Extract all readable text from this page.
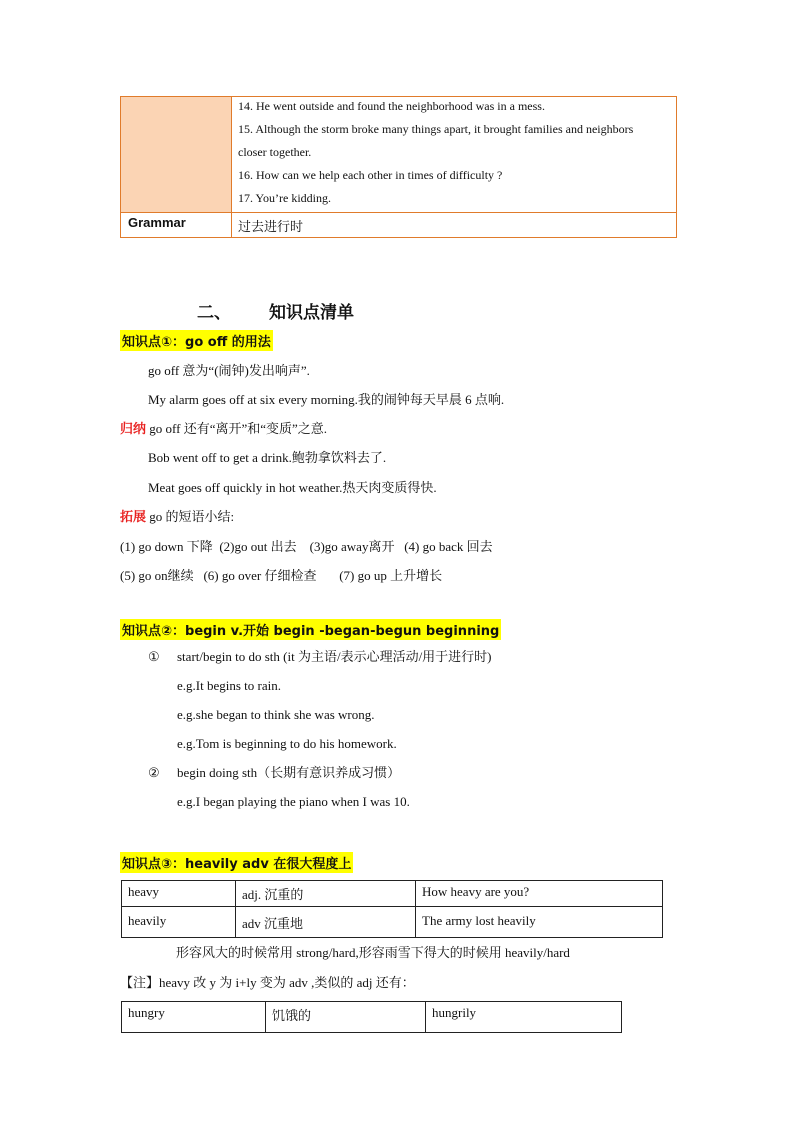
14. He went outside and found the neighborhood was in a mess.
15. Although the storm broke many things apart, it brought families and neighbors
closer together.
16. How can we help each other in times of difficulty ?
17. You’re kidding.
Grammar	过去进行时
二、 知识点清单
知识点①：go off 的用法
go off 意为“(闹钟)发出响声”.
My alarm goes off at six every morning.我的闹钟每天早晨 6 点响.
归纳 go off 还有“离开”和“变质”之意.
Bob went off to get a drink.鲍勃拿饮料去了.
Meat goes off quickly in hot weather.热天肉变质得快.
拓展 go 的短语小结:
(1) go down 下降 (2)go out 出去 (3)go away离开 (4) go back 回去
(5) go on继续 (6) go over 仔细检查 (7) go up 上升增长
知识点②：begin v.开始 begin -began-begun beginning
① start/begin to do sth (it 为主语/表示心理活动/用于进行时)
e.g.It begins to rain.
e.g.she began to think she was wrong.
e.g.Tom is beginning to do his homework.
② begin doing sth（长期有意识养成习惯）
e.g.I began playing the piano when I was 10.
知识点③：heavily adv 在很大程度上
heavy	adj. 沉重的	How heavy are you?
heavily	adv 沉重地	The army lost heavily
形容风大的时候常用 strong/hard,形容雨雪下得大的时候用 heavily/hard
【注】heavy 改 y 为 i+ly 变为 adv ,类似的 adj 还有：
hungry	饥饿的	hungrily
